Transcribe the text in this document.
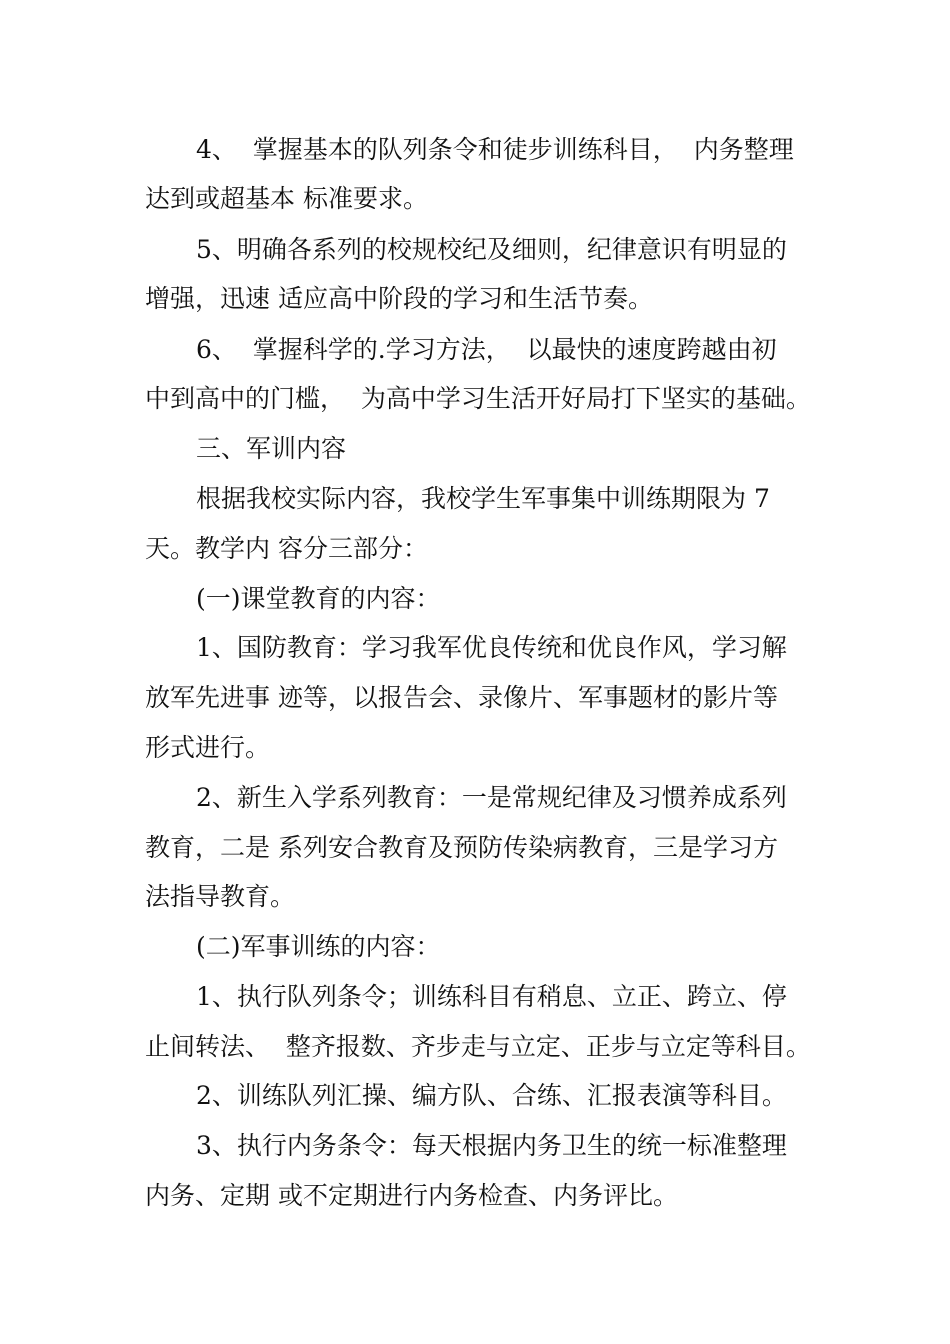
4、  掌握基本的队列条令和徒步训练科目，  内务整理

达到或超基本 标准要求。

5、明确各系列的校规校纪及细则，纪律意识有明显的

增强，迅速 适应高中阶段的学习和生活节奏。

6、  掌握科学的.学习方法，  以最快的速度跨越由初

中到高中的门槛，  为高中学习生活开好局打下坚实的基础。

三、军训内容

根据我校实际内容，我校学生军事集中训练期限为 7

天。教学内 容分三部分：

(一)课堂教育的内容：

1、国防教育：学习我军优良传统和优良作风，学习解

放军先进事 迹等，以报告会、录像片、军事题材的影片等

形式进行。

2、新生入学系列教育：一是常规纪律及习惯养成系列

教育，二是 系列安合教育及预防传染病教育，三是学习方

法指导教育。

(二)军事训练的内容：

1、执行队列条令；训练科目有稍息、立正、跨立、停

止间转法、  整齐报数、齐步走与立定、正步与立定等科目。

2、训练队列汇操、编方队、合练、汇报表演等科目。

3、执行内务条令：每天根据内务卫生的统一标准整理

内务、定期 或不定期进行内务检查、内务评比。
